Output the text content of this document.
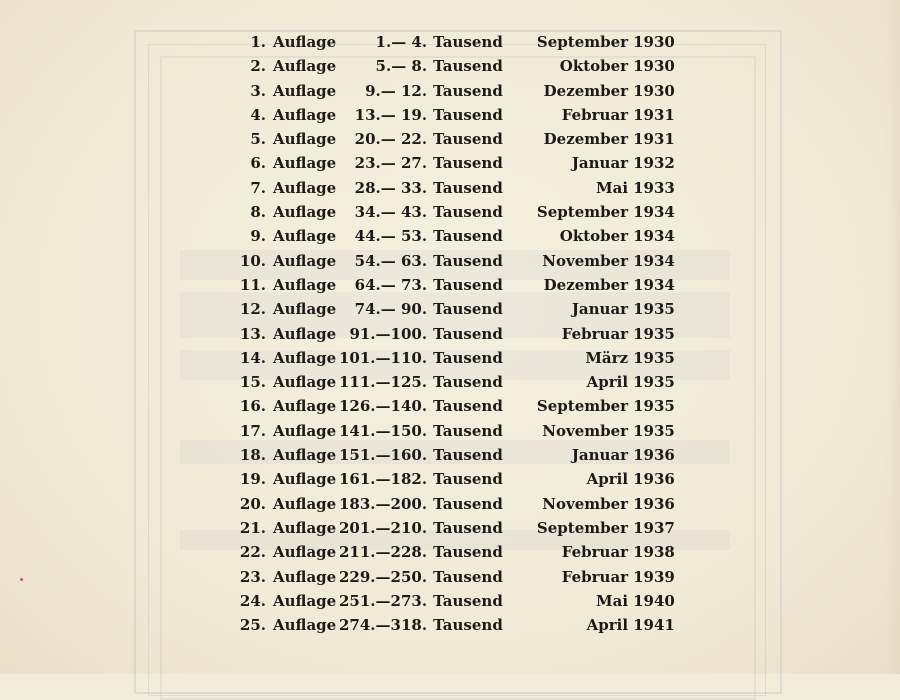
1.	Auflage	1.— 4.	Tausend	September	1930
2.	Auflage	5.— 8.	Tausend	Oktober	1930
3.	Auflage	9.— 12.	Tausend	Dezember	1930
4.	Auflage	13.— 19.	Tausend	Februar	1931
5.	Auflage	20.— 22.	Tausend	Dezember	1931
6.	Auflage	23.— 27.	Tausend	Januar	1932
7.	Auflage	28.— 33.	Tausend	Mai	1933
8.	Auflage	34.— 43.	Tausend	September	1934
9.	Auflage	44.— 53.	Tausend	Oktober	1934
10.	Auflage	54.— 63.	Tausend	November	1934
11.	Auflage	64.— 73.	Tausend	Dezember	1934
12.	Auflage	74.— 90.	Tausend	Januar	1935
13.	Auflage	91.—100.	Tausend	Februar	1935
14.	Auflage	101.—110.	Tausend	März	1935
15.	Auflage	111.—125.	Tausend	April	1935
16.	Auflage	126.—140.	Tausend	September	1935
17.	Auflage	141.—150.	Tausend	November	1935
18.	Auflage	151.—160.	Tausend	Januar	1936
19.	Auflage	161.—182.	Tausend	April	1936
20.	Auflage	183.—200.	Tausend	November	1936
21.	Auflage	201.—210.	Tausend	September	1937
22.	Auflage	211.—228.	Tausend	Februar	1938
23.	Auflage	229.—250.	Tausend	Februar	1939
24.	Auflage	251.—273.	Tausend	Mai	1940
25.	Auflage	274.—318.	Tausend	April	1941
